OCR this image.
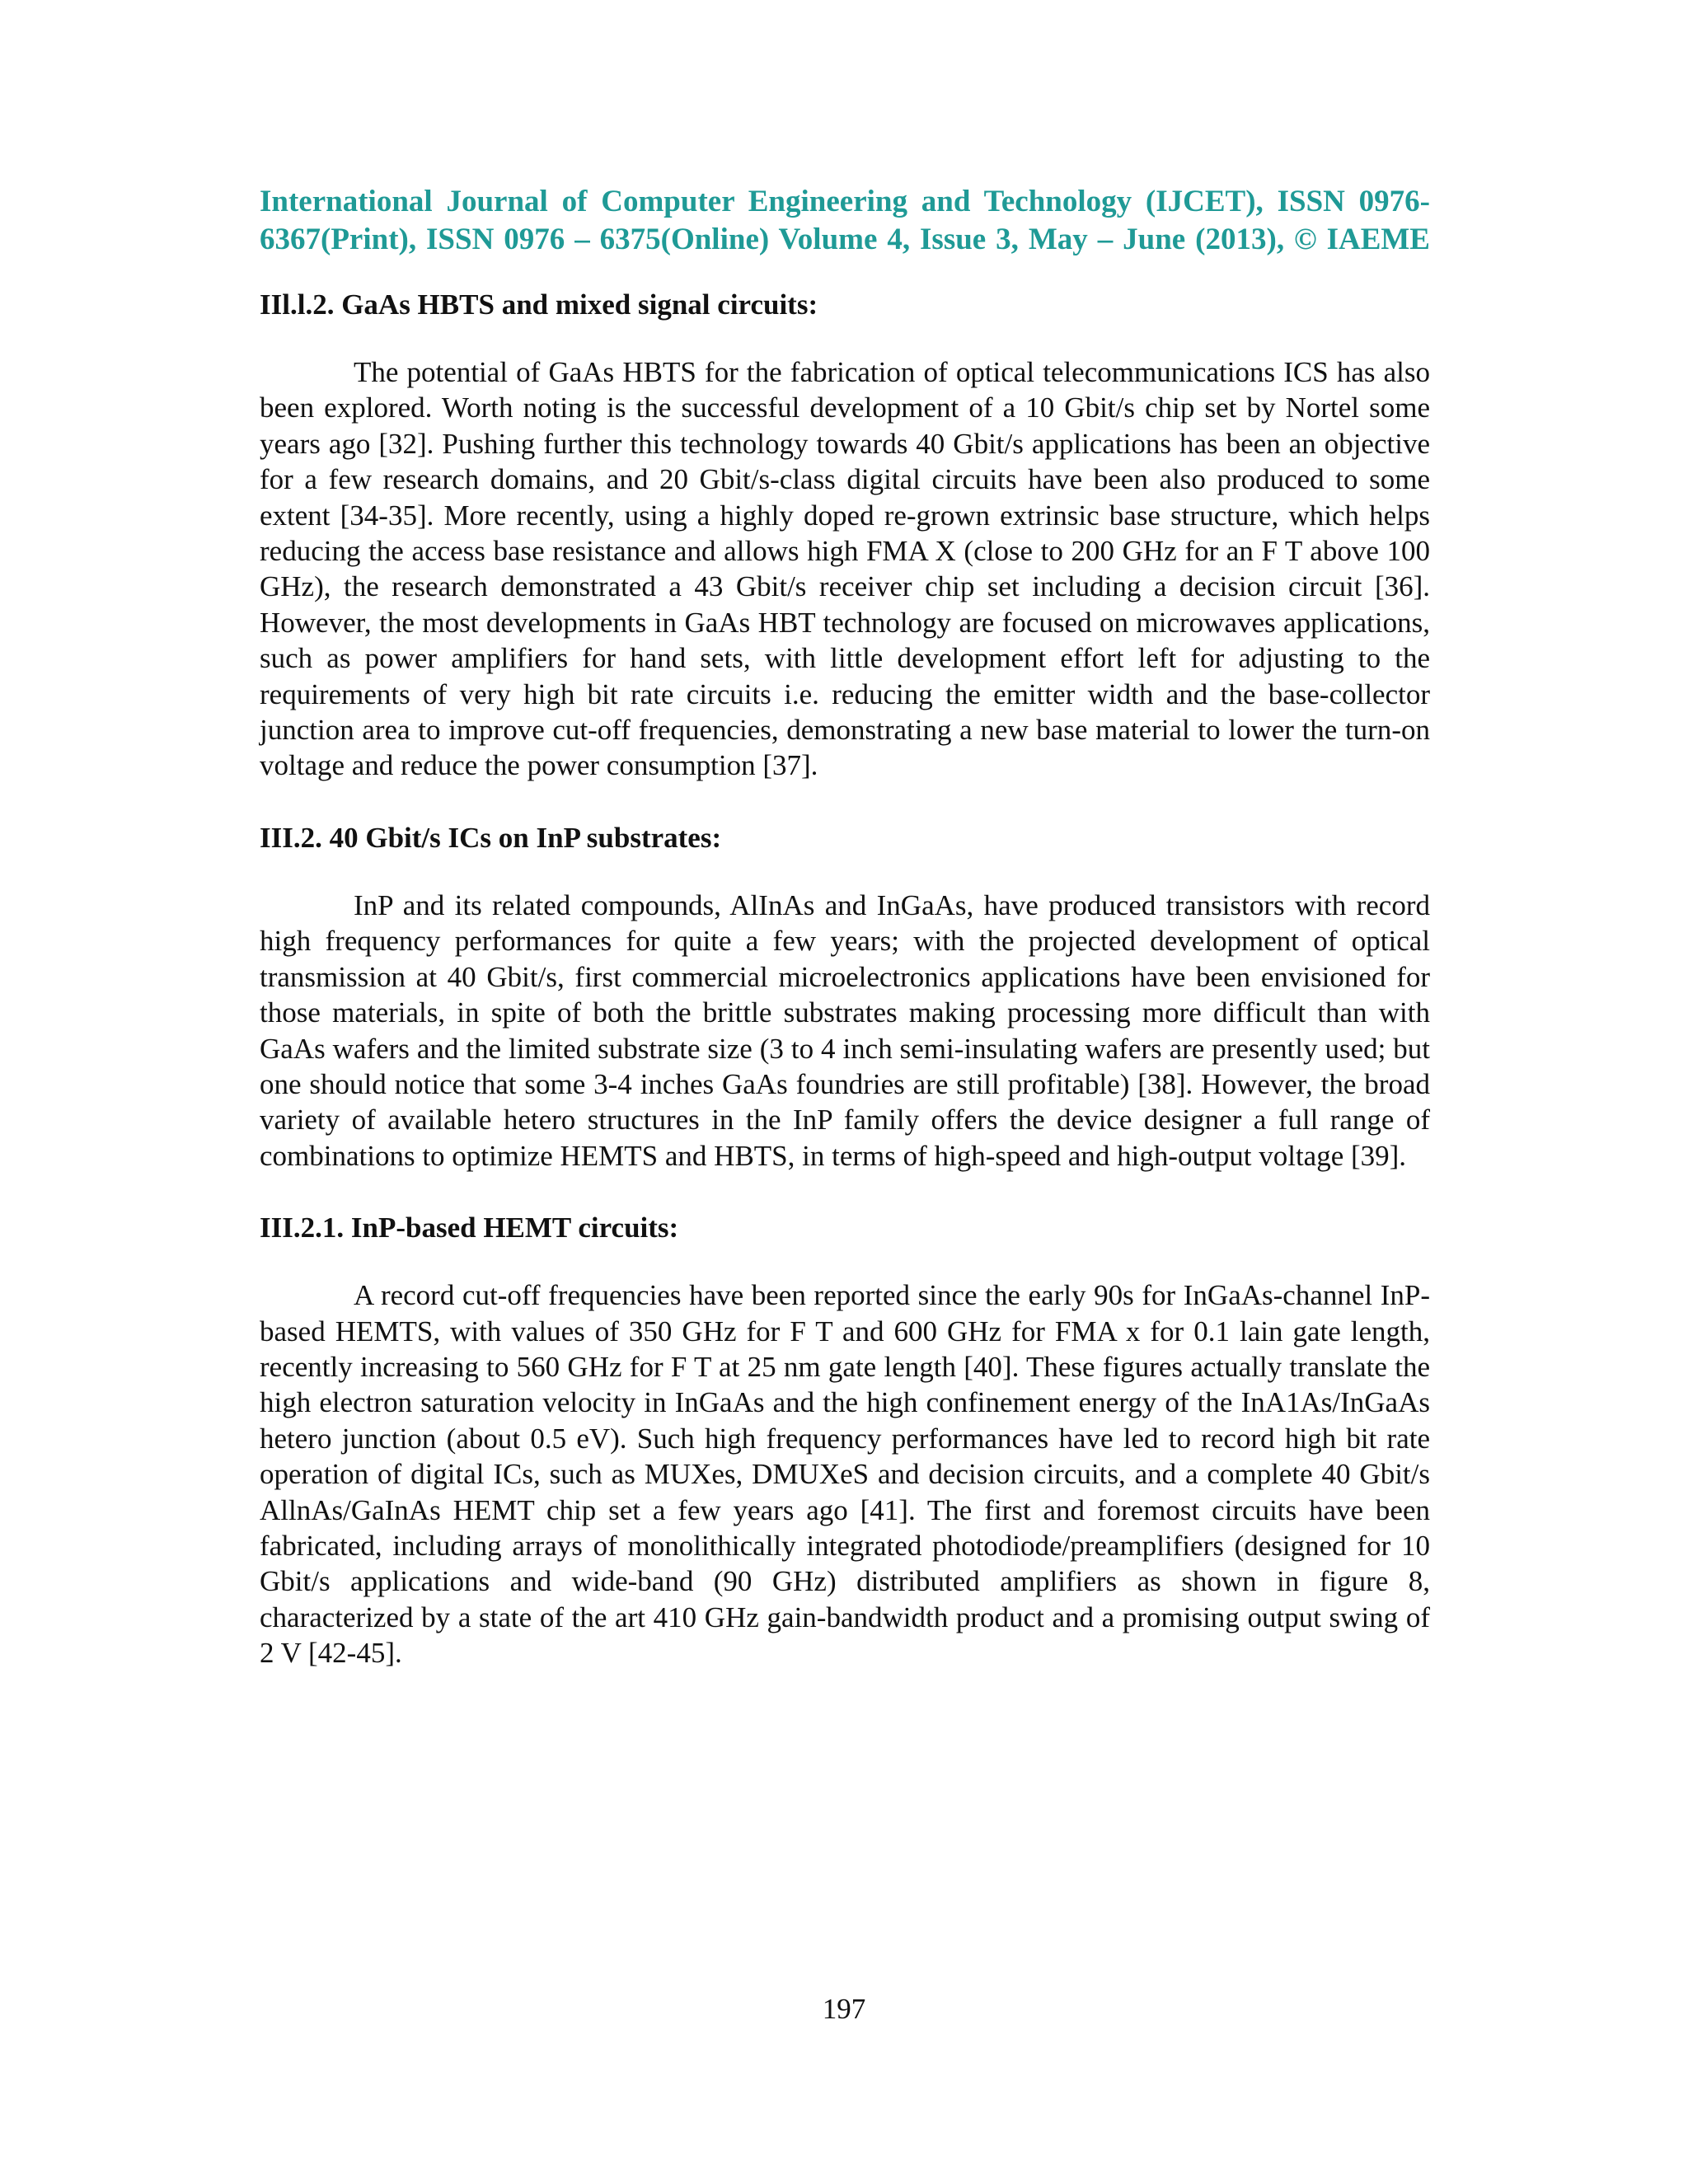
International Journal of Computer Engineering and Technology (IJCET), ISSN 0976-
6367(Print), ISSN 0976 – 6375(Online) Volume 4, Issue 3, May – June (2013), © IAEME
IIl.l.2. GaAs HBTS and mixed signal circuits:

The potential of GaAs HBTS for the fabrication of optical telecommunications ICS has also been explored. Worth noting is the successful development of a 10 Gbit/s chip set by Nortel some years ago [32]. Pushing further this technology towards 40 Gbit/s applications has been an objective for a few research domains, and 20 Gbit/s-class digital circuits have been also produced to some extent [34-35]. More recently, using a highly doped re-grown extrinsic base structure, which helps reducing the access base resistance and allows high FMA X (close to 200 GHz for an F T above 100 GHz), the research demonstrated a 43 Gbit/s receiver chip set including a decision circuit [36]. However, the most developments in GaAs HBT technology are focused on microwaves applications, such as power amplifiers for hand sets, with little development effort left for adjusting to the requirements of very high bit rate circuits i.e. reducing the emitter width and the base-collector junction area to improve cut-off frequencies, demonstrating a new base material to lower the turn-on voltage and reduce the power consumption [37].

III.2. 40 Gbit/s ICs on InP substrates:

InP and its related compounds, AlInAs and InGaAs, have produced transistors with record high frequency performances for quite a few years; with the projected development of optical transmission at 40 Gbit/s, first commercial microelectronics applications have been envisioned for those materials, in spite of both the brittle substrates making processing more difficult than with GaAs wafers and the limited substrate size (3 to 4 inch semi-insulating wafers are presently used; but one should notice that some 3-4 inches GaAs foundries are still profitable) [38]. However, the broad variety of available hetero structures in the InP family offers the device designer a full range of combinations to optimize HEMTS and HBTS, in terms of high-speed and high-output voltage [39].

III.2.1. InP-based HEMT circuits:

A record cut-off frequencies have been reported since the early 90s for InGaAs-channel InP-based HEMTS, with values of 350 GHz for F T and 600 GHz for FMA x for 0.1 lain gate length, recently increasing to 560 GHz for F T at 25 nm gate length [40]. These figures actually translate the high electron saturation velocity in InGaAs and the high confinement energy of the InA1As/InGaAs hetero junction (about 0.5 eV). Such high frequency performances have led to record high bit rate operation of digital ICs, such as MUXes, DMUXeS and decision circuits, and a complete 40 Gbit/s AllnAs/GaInAs HEMT chip set a few years ago [41]. The first and foremost circuits have been fabricated, including arrays of monolithically integrated photodiode/preamplifiers (designed for 10 Gbit/s applications and wide-band (90 GHz) distributed amplifiers as shown in figure 8, characterized by a state of the art 410 GHz gain-bandwidth product and a promising output swing of 2 V [42-45].

197
